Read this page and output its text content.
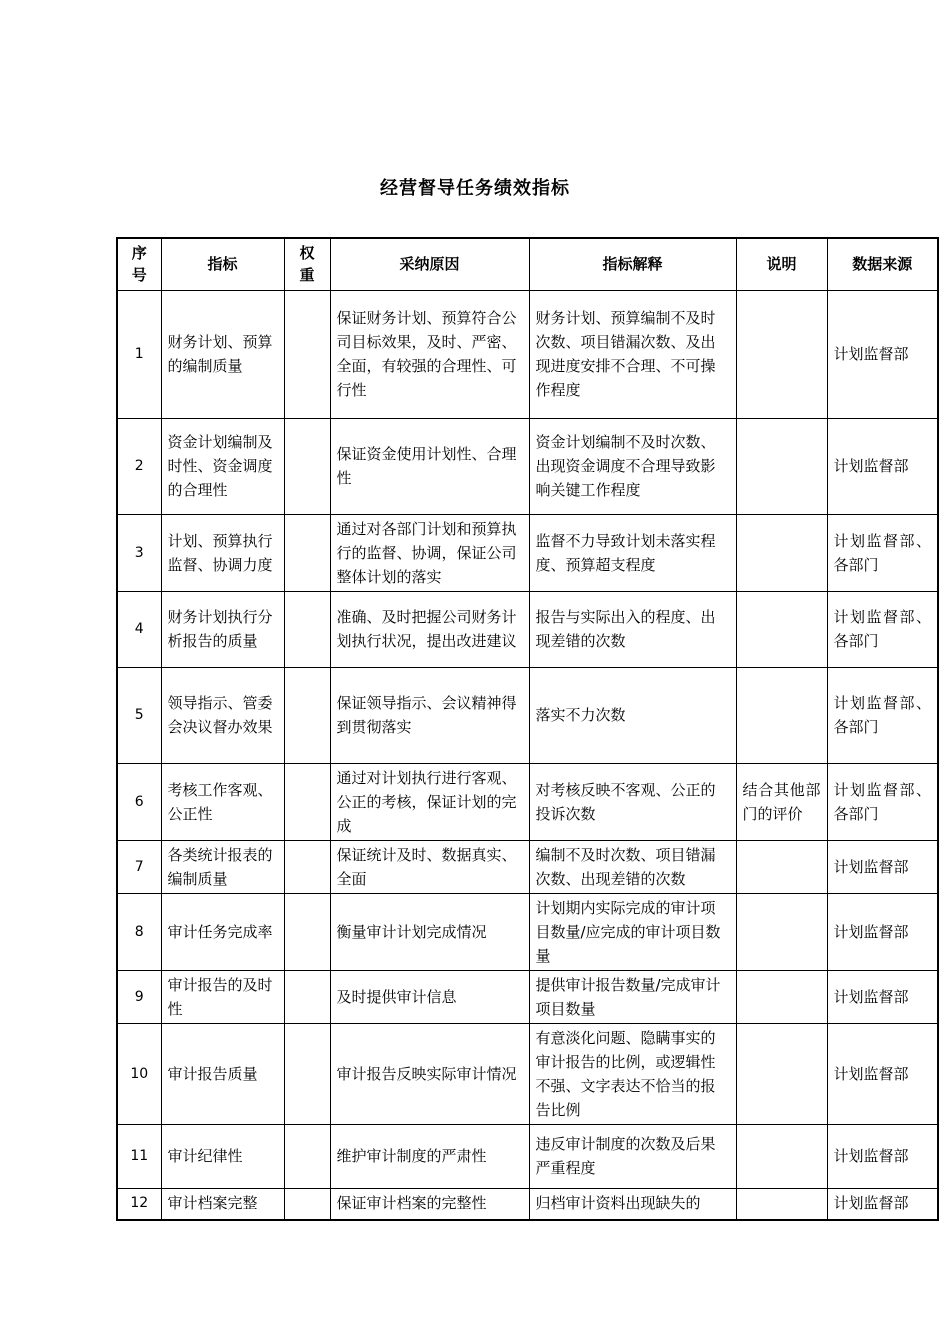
经营督导任务绩效指标
序号	指标	权重	采纳原因	指标解释	说明	数据来源
1	财务计划、预算的编制质量		保证财务计划、预算符合公司目标效果，及时、严密、全面，有较强的合理性、可行性	财务计划、预算编制不及时次数、项目错漏次数、及出现进度安排不合理、不可操作程度		计划监督部
2	资金计划编制及时性、资金调度的合理性		保证资金使用计划性、合理性	资金计划编制不及时次数、出现资金调度不合理导致影响关键工作程度		计划监督部
3	计划、预算执行监督、协调力度		通过对各部门计划和预算执行的监督、协调，保证公司整体计划的落实	监督不力导致计划未落实程度、预算超支程度		计划监督部、各部门
4	财务计划执行分析报告的质量		准确、及时把握公司财务计划执行状况，提出改进建议	报告与实际出入的程度、出现差错的次数		计划监督部、各部门
5	领导指示、管委会决议督办效果		保证领导指示、会议精神得到贯彻落实	落实不力次数		计划监督部、各部门
6	考核工作客观、公正性		通过对计划执行进行客观、公正的考核，保证计划的完成	对考核反映不客观、公正的投诉次数	结合其他部门的评价	计划监督部、各部门
7	各类统计报表的编制质量		保证统计及时、数据真实、全面	编制不及时次数、项目错漏次数、出现差错的次数		计划监督部
8	审计任务完成率		衡量审计计划完成情况	计划期内实际完成的审计项目数量/应完成的审计项目数量		计划监督部
9	审计报告的及时性		及时提供审计信息	提供审计报告数量/完成审计项目数量		计划监督部
10	审计报告质量		审计报告反映实际审计情况	有意淡化问题、隐瞒事实的审计报告的比例，或逻辑性不强、文字表达不恰当的报告比例		计划监督部
11	审计纪律性		维护审计制度的严肃性	违反审计制度的次数及后果严重程度		计划监督部
12	审计档案完整		保证审计档案的完整性	归档审计资料出现缺失的		计划监督部
